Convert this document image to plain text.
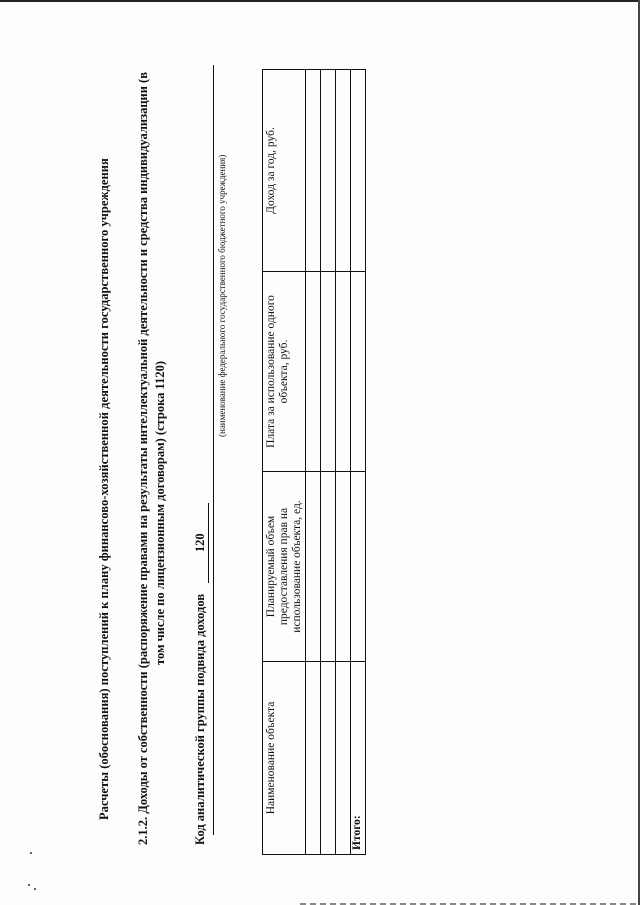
Расчеты (обоснования) поступлений к плану финансово-хозяйственной деятельности государственного учреждения 2.1.2. Доходы от собственности (распоряжение правами на результаты интеллектуальной деятельности и средства индивидуализации (в том числе по лицензионным договорам) (строка 1120)
Код аналитической группы подвида доходов 120
(наименование федерального государственного бюджетного учреждения)
Наименование объекта	Планируемый объем предоставления прав на использование объекта, ед.	Плата за использование одного объекта, руб.	Доход за год, руб.

Итого:			
